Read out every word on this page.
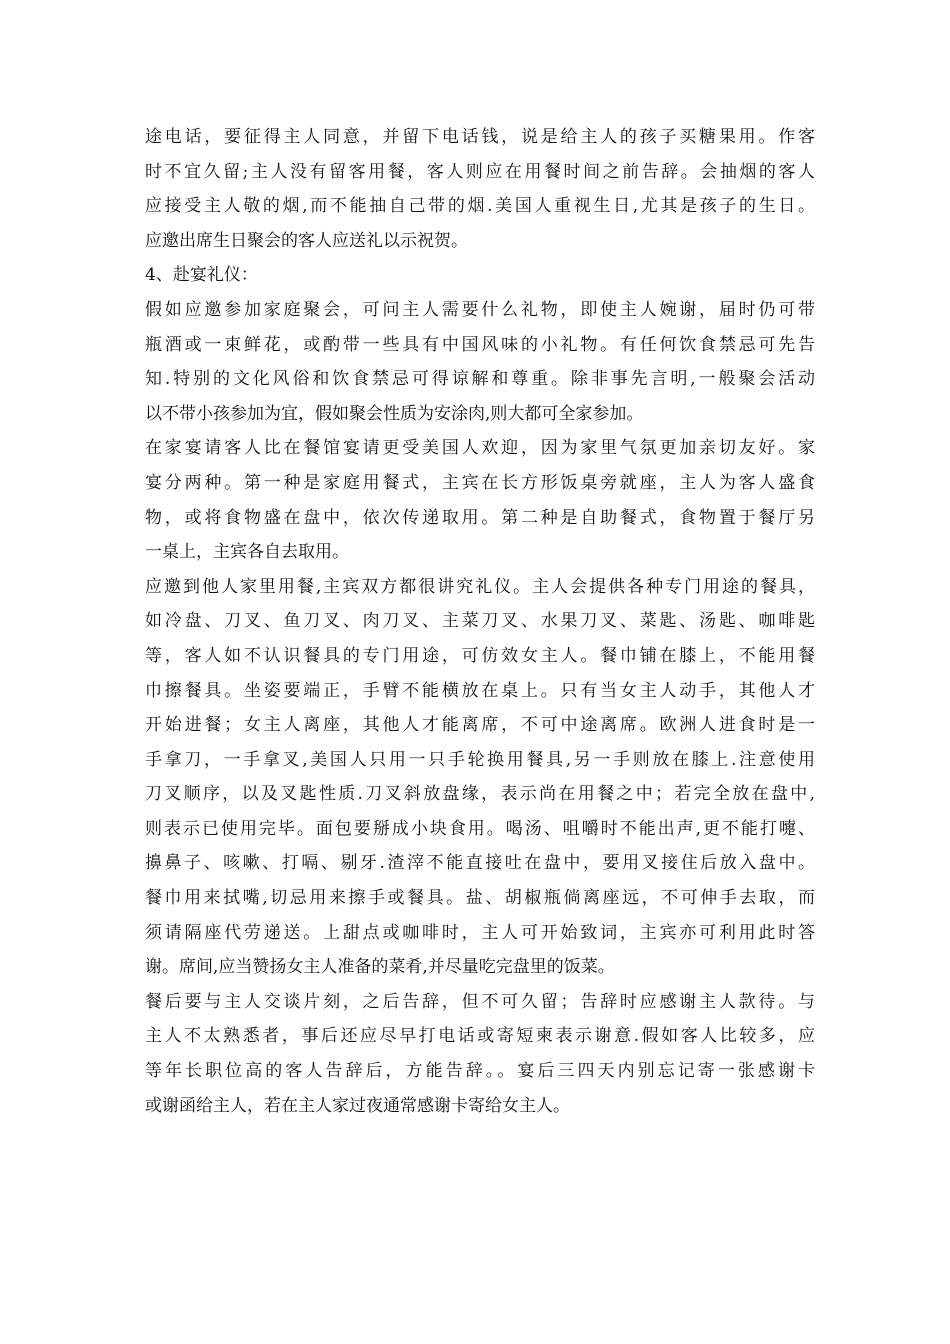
途电话，要征得主人同意，并留下电话钱，说是给主人的孩子买糖果用。作客
时不宜久留;主人没有留客用餐，客人则应在用餐时间之前告辞。会抽烟的客人
应接受主人敬的烟,而不能抽自己带的烟.美国人重视生日,尤其是孩子的生日。
应邀出席生日聚会的客人应送礼以示祝贺。
4、赴宴礼仪：
假如应邀参加家庭聚会，可问主人需要什么礼物，即使主人婉谢，届时仍可带
瓶酒或一束鲜花，或酌带一些具有中国风味的小礼物。有任何饮食禁忌可先告
知.特别的文化风俗和饮食禁忌可得谅解和尊重。除非事先言明,一般聚会活动
以不带小孩参加为宜，假如聚会性质为安涂肉,则大都可全家参加。
在家宴请客人比在餐馆宴请更受美国人欢迎，因为家里气氛更加亲切友好。家
宴分两种。第一种是家庭用餐式，主宾在长方形饭桌旁就座，主人为客人盛食
物，或将食物盛在盘中，依次传递取用。第二种是自助餐式，食物置于餐厅另
一桌上，主宾各自去取用。
应邀到他人家里用餐,主宾双方都很讲究礼仪。主人会提供各种专门用途的餐具，
如冷盘、刀叉、鱼刀叉、肉刀叉、主菜刀叉、水果刀叉、菜匙、汤匙、咖啡匙
等，客人如不认识餐具的专门用途，可仿效女主人。餐巾铺在膝上，不能用餐
巾擦餐具。坐姿要端正，手臂不能横放在桌上。只有当女主人动手，其他人才
开始进餐；女主人离座，其他人才能离席，不可中途离席。欧洲人进食时是一
手拿刀，一手拿叉,美国人只用一只手轮换用餐具,另一手则放在膝上.注意使用
刀叉顺序，以及叉匙性质.刀叉斜放盘缘，表示尚在用餐之中；若完全放在盘中,
则表示已使用完毕。面包要掰成小块食用。喝汤、咀嚼时不能出声,更不能打嚏、
擤鼻子、咳嗽、打嗝、剔牙.渣滓不能直接吐在盘中，要用叉接住后放入盘中。
餐巾用来拭嘴,切忌用来擦手或餐具。盐、胡椒瓶倘离座远，不可伸手去取，而
须请隔座代劳递送。上甜点或咖啡时，主人可开始致词，主宾亦可利用此时答
谢。席间,应当赞扬女主人准备的菜肴,并尽量吃完盘里的饭菜。
餐后要与主人交谈片刻，之后告辞，但不可久留；告辞时应感谢主人款待。与
主人不太熟悉者，事后还应尽早打电话或寄短柬表示谢意.假如客人比较多，应
等年长职位高的客人告辞后，方能告辞。。宴后三四天内别忘记寄一张感谢卡
或谢函给主人，若在主人家过夜通常感谢卡寄给女主人。
